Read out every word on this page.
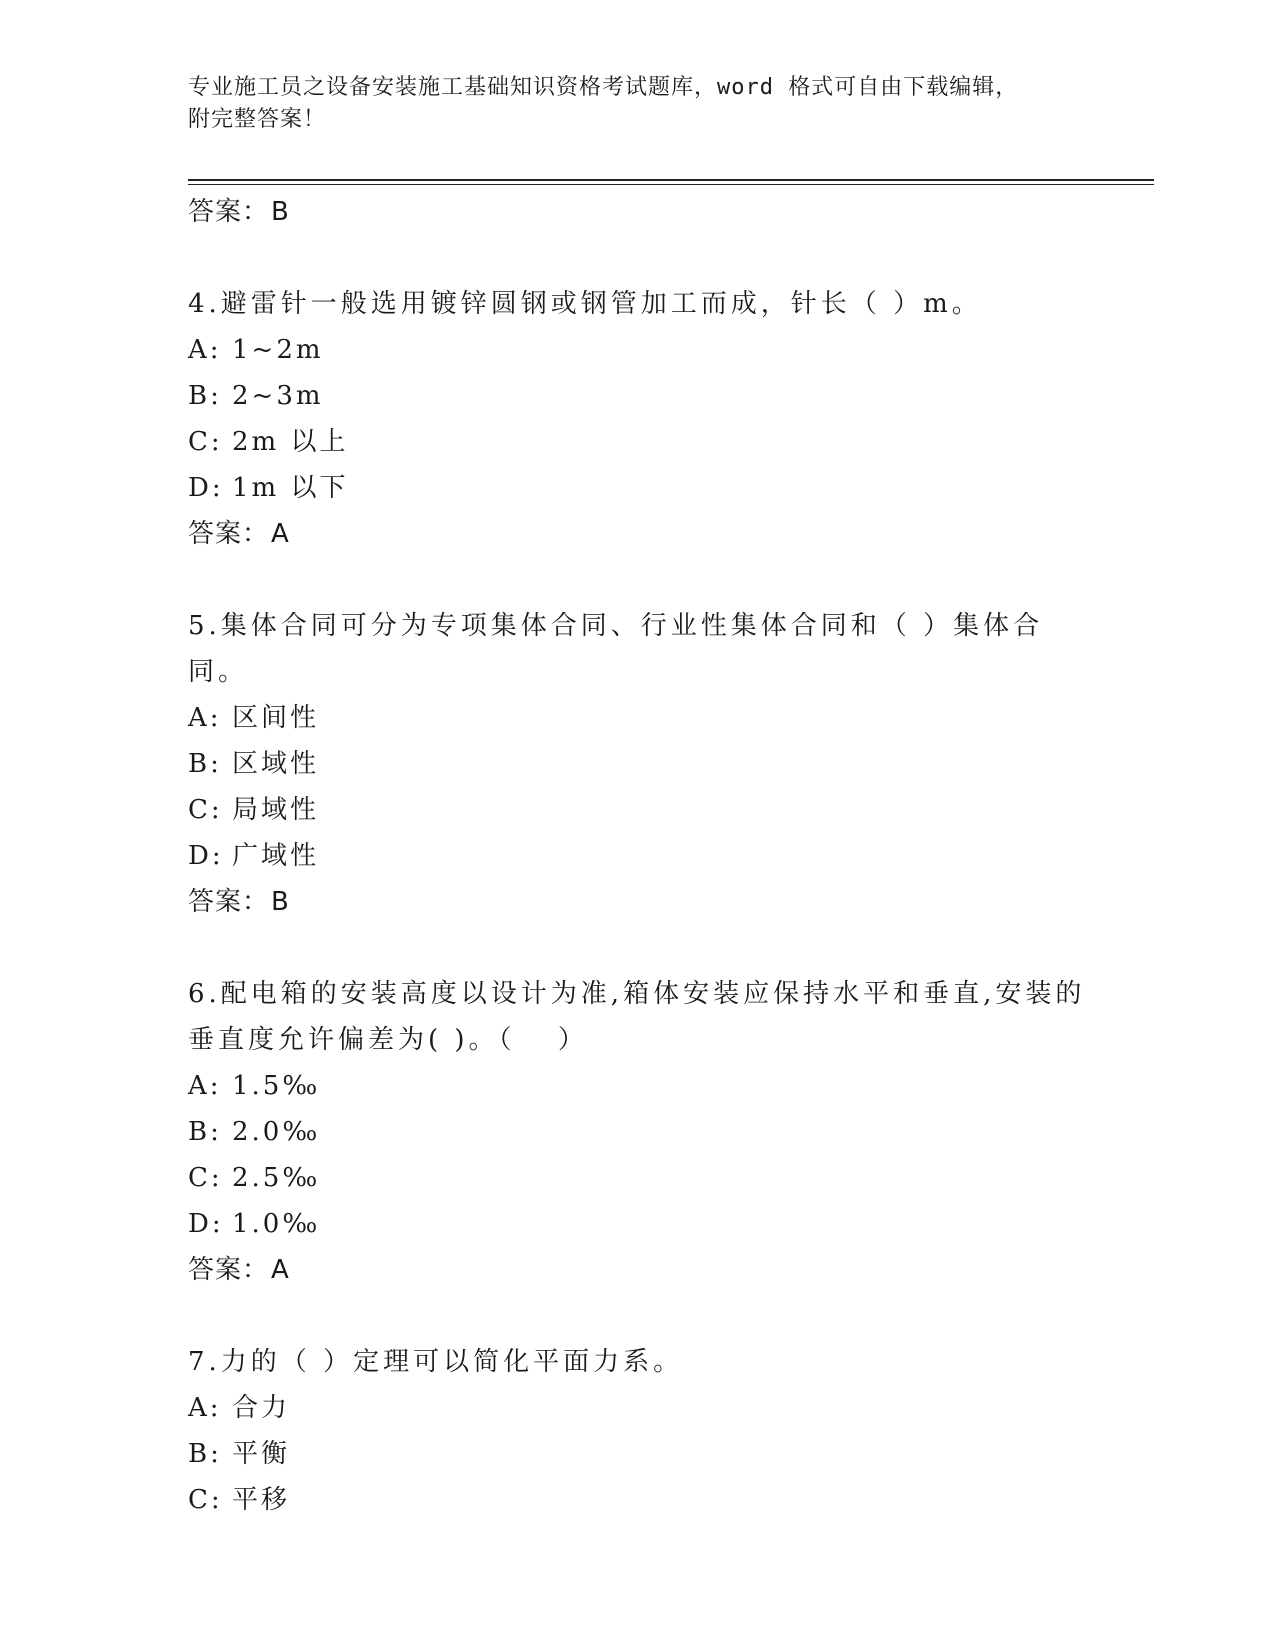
专业施工员之设备安装施工基础知识资格考试题库，word 格式可自由下载编辑，
附完整答案！
答案：B
4.避雷针一般选用镀锌圆钢或钢管加工而成，针长（ ）m。
A: 1~2m
B: 2~3m
C: 2m 以上
D: 1m 以下
答案：A
5.集体合同可分为专项集体合同、行业性集体合同和（ ）集体合同。
A: 区间性
B: 区域性
C: 局域性
D: 广域性
答案：B
6.配电箱的安装高度以设计为准,箱体安装应保持水平和垂直,安装的垂直度允许偏差为( )。（　 ）
A: 1.5‰
B: 2.0‰
C: 2.5‰
D: 1.0‰
答案：A
7.力的（ ）定理可以简化平面力系。
A: 合力
B: 平衡
C: 平移
